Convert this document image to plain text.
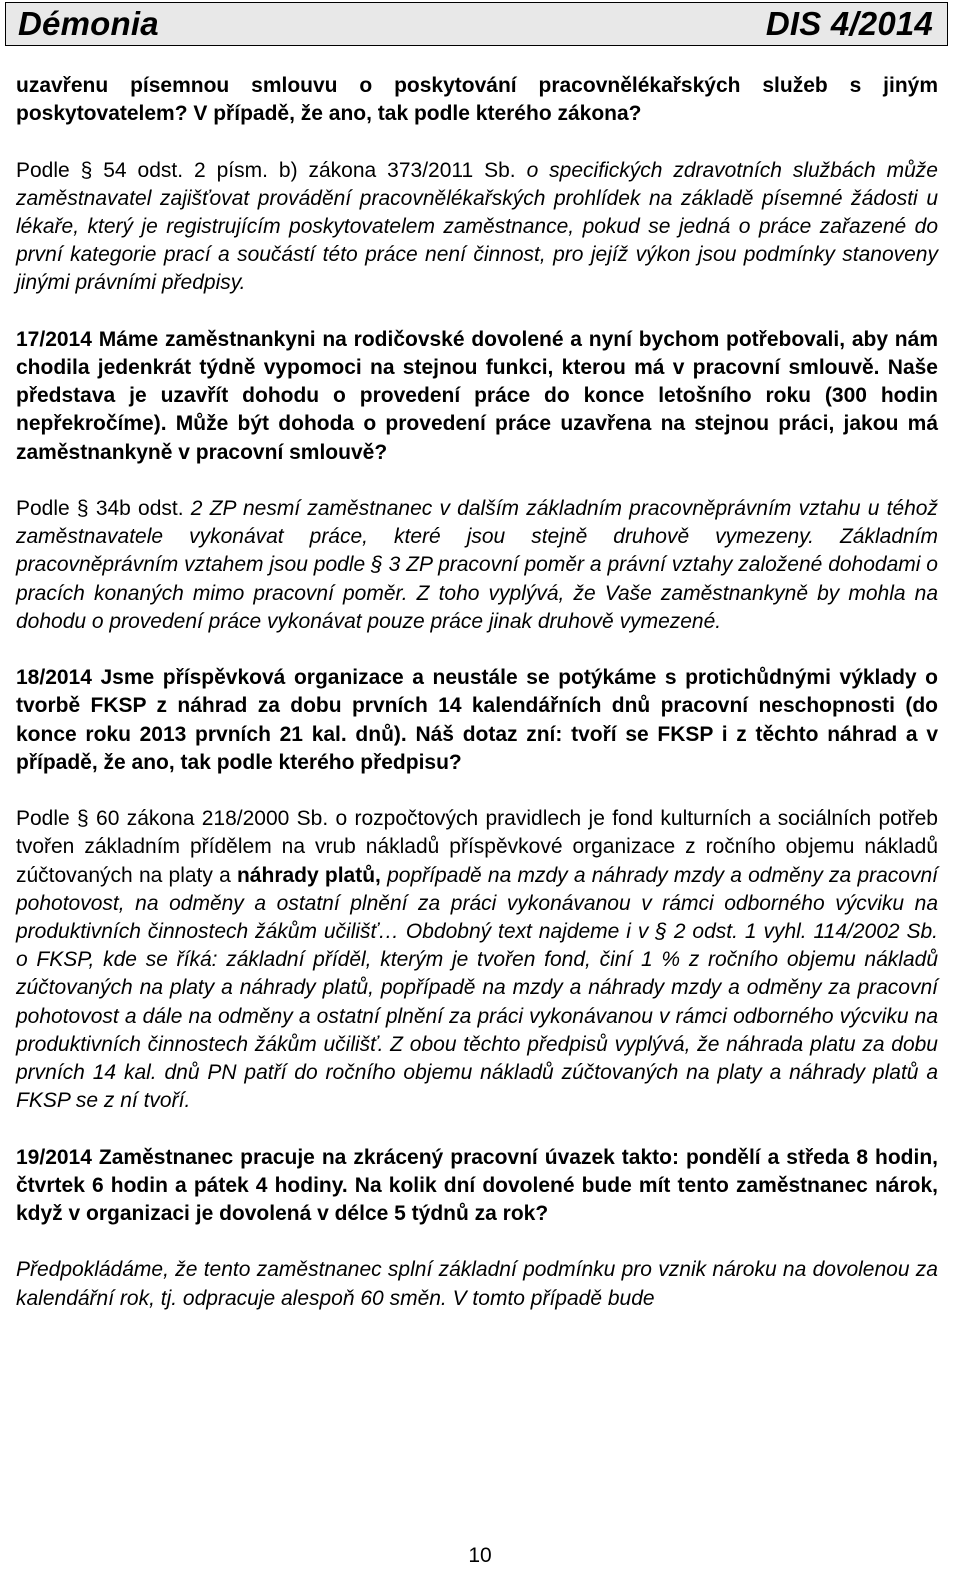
Démonia	DIS 4/2014

uzavřenu písemnou smlouvu o poskytování pracovnělékařských služeb s jiným poskytovatelem? V případě, že ano, tak podle kterého zákona?

Podle § 54 odst. 2 písm. b) zákona 373/2011 Sb. o specifických zdravotních službách může zaměstnavatel zajišťovat provádění pracovnělékařských prohlídek na základě písemné žádosti u lékaře, který je registrujícím poskytovatelem zaměstnance, pokud se jedná o práce zařazené do první kategorie prací a součástí této práce není činnost, pro jejíž výkon jsou podmínky stanoveny jinými právními předpisy.

17/2014 Máme zaměstnankyni na rodičovské dovolené a nyní bychom potřebovali, aby nám chodila jedenkrát týdně vypomoci na stejnou funkci, kterou má v pracovní smlouvě. Naše představa je uzavřít dohodu o provedení práce do konce letošního roku (300 hodin nepřekročíme). Může být dohoda o provedení práce uzavřena na stejnou práci, jakou má zaměstnankyně v pracovní smlouvě?

Podle § 34b odst. 2 ZP nesmí zaměstnanec v dalším základním pracovněprávním vztahu u téhož zaměstnavatele vykonávat práce, které jsou stejně druhově vymezeny. Základním pracovněprávním vztahem jsou podle § 3 ZP pracovní poměr a právní vztahy založené dohodami o pracích konaných mimo pracovní poměr. Z toho vyplývá, že Vaše zaměstnankyně by mohla na dohodu o provedení práce vykonávat pouze práce jinak druhově vymezené.

18/2014 Jsme příspěvková organizace a neustále se potýkáme s protichůdnými výklady o tvorbě FKSP z náhrad za dobu prvních 14 kalendářních dnů pracovní neschopnosti (do konce roku 2013 prvních 21 kal. dnů). Náš dotaz zní: tvoří se FKSP i z těchto náhrad a v případě, že ano, tak podle kterého předpisu?

Podle § 60 zákona 218/2000 Sb. o rozpočtových pravidlech je fond kulturních a sociálních potřeb tvořen základním přídělem na vrub nákladů příspěvkové organizace z ročního objemu nákladů zúčtovaných na platy a náhrady platů, popřípadě na mzdy a náhrady mzdy a odměny za pracovní pohotovost, na odměny a ostatní plnění za práci vykonávanou v rámci odborného výcviku na produktivních činnostech žákům učilišť… Obdobný text najdeme i v § 2 odst. 1 vyhl. 114/2002 Sb. o FKSP, kde se říká: základní příděl, kterým je tvořen fond, činí 1 % z ročního objemu nákladů zúčtovaných na platy a náhrady platů, popřípadě na mzdy a náhrady mzdy a odměny za pracovní pohotovost a dále na odměny a ostatní plnění za práci vykonávanou v rámci odborného výcviku na produktivních činnostech žákům učilišť. Z obou těchto předpisů vyplývá, že náhrada platu za dobu prvních 14 kal. dnů PN patří do ročního objemu nákladů zúčtovaných na platy a náhrady platů a FKSP se z ní tvoří.

19/2014 Zaměstnanec pracuje na zkrácený pracovní úvazek takto: pondělí a středa 8 hodin, čtvrtek 6 hodin a pátek 4 hodiny. Na kolik dní dovolené bude mít tento zaměstnanec nárok, když v organizaci je dovolená v délce 5 týdnů za rok?

Předpokládáme, že tento zaměstnanec splní základní podmínku pro vznik nároku na dovolenou za kalendářní rok, tj. odpracuje alespoň 60 směn. V tomto případě bude

10
